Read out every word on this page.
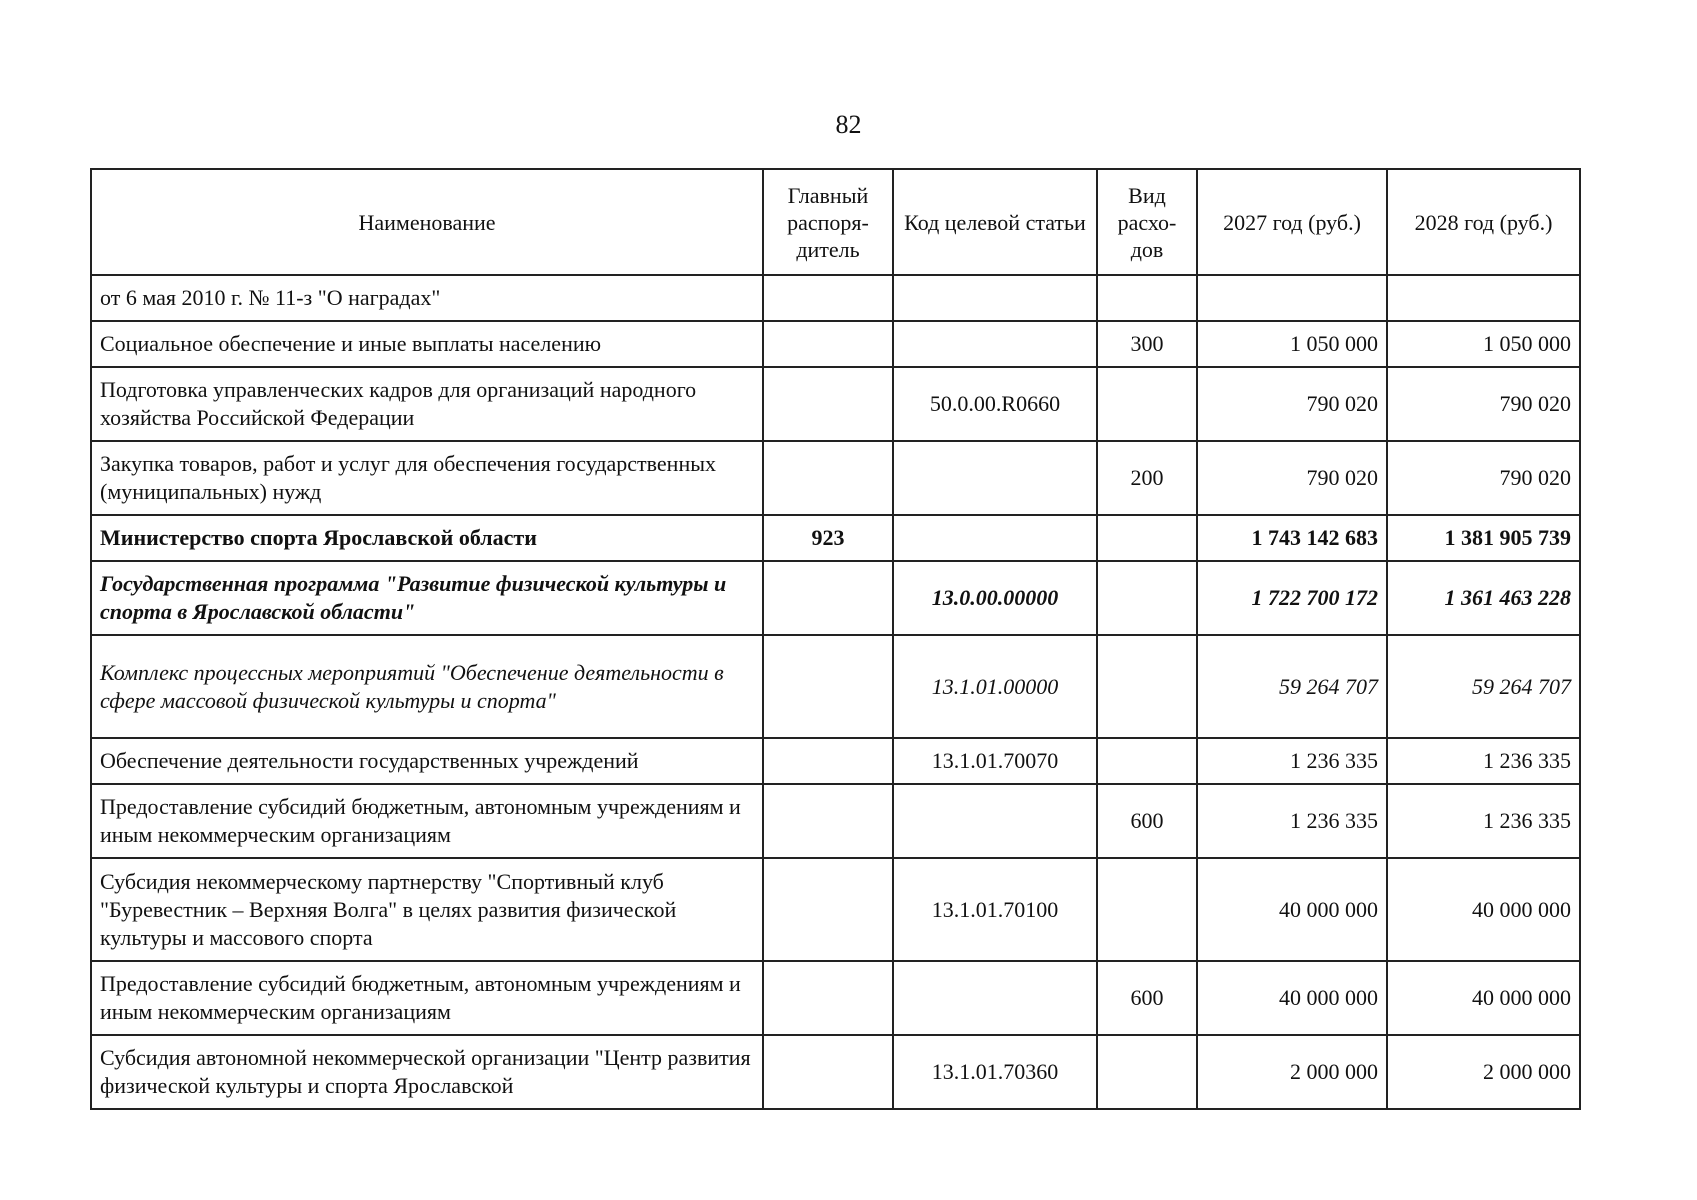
82
Наименование	Главный распоря-дитель	Код целевой статьи	Вид расхо-дов	2027 год (руб.)	2028 год (руб.)
от 6 мая 2010 г. № 11-з "О наградах"					
Социальное обеспечение и иные выплаты населению			300	1 050 000	1 050 000
Подготовка управленческих кадров для организаций народного хозяйства Российской Федерации		50.0.00.R0660		790 020	790 020
Закупка товаров, работ и услуг для обеспечения государственных (муниципальных) нужд			200	790 020	790 020
Министерство спорта Ярославской области	923			1 743 142 683	1 381 905 739
Государственная программа "Развитие физической культуры и спорта в Ярославской области"		13.0.00.00000		1 722 700 172	1 361 463 228
Комплекс процессных мероприятий "Обеспечение деятельности в сфере массовой физической культуры и спорта"		13.1.01.00000		59 264 707	59 264 707
Обеспечение деятельности государственных учреждений		13.1.01.70070		1 236 335	1 236 335
Предоставление субсидий бюджетным, автономным учреждениям и иным некоммерческим организациям			600	1 236 335	1 236 335
Субсидия некоммерческому партнерству "Спортивный клуб "Буревестник – Верхняя Волга" в целях развития физической культуры и массового спорта		13.1.01.70100		40 000 000	40 000 000
Предоставление субсидий бюджетным, автономным учреждениям и иным некоммерческим организациям			600	40 000 000	40 000 000
Субсидия автономной некоммерческой организации "Центр развития физической культуры и спорта Ярославской		13.1.01.70360		2 000 000	2 000 000
